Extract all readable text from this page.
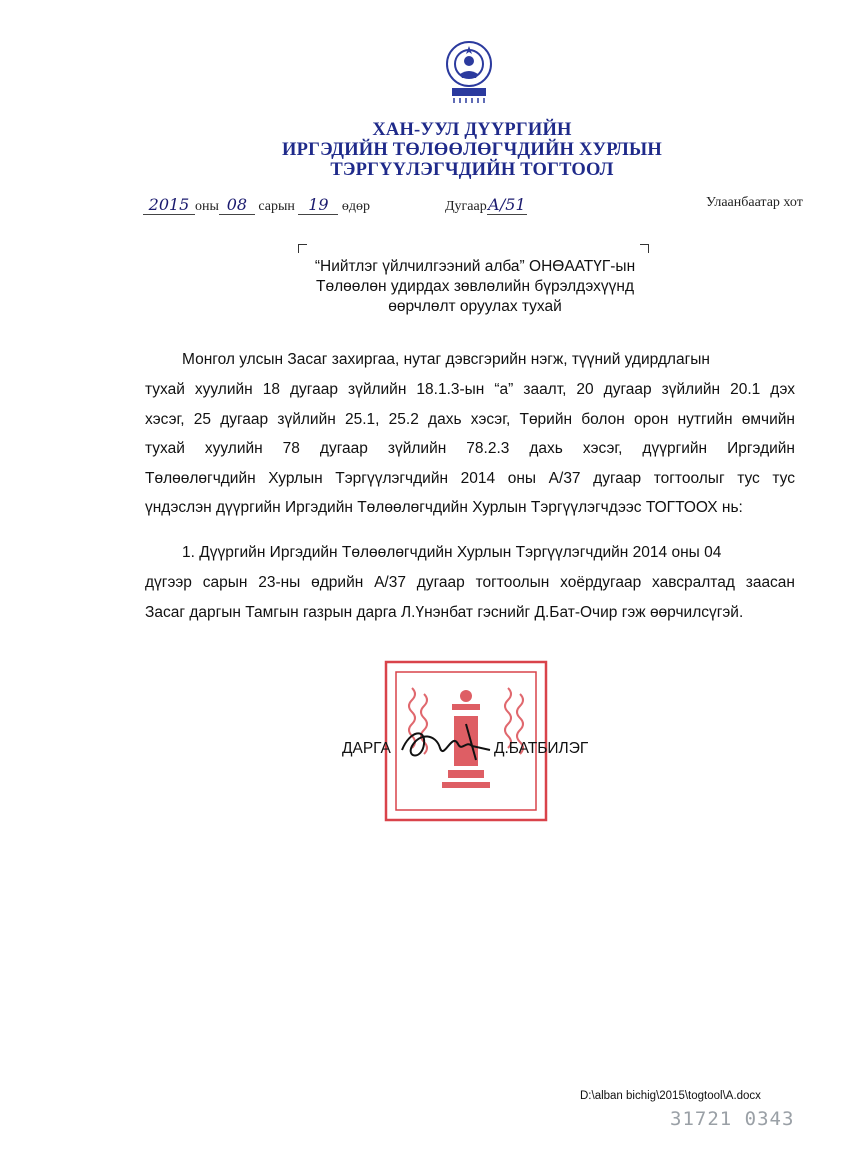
ХАН-УУЛ ДҮҮРГИЙН
ИРГЭДИЙН ТӨЛӨӨЛӨГЧДИЙН ХУРЛЫН
ТЭРГҮҮЛЭГЧДИЙН ТОГТООЛ
2015 оны 08 сарын 19 өдөр	ДугаарА/51	Улаанбаатар хот
“Нийтлэг үйлчилгээний алба” ОНӨААТҮГ-ын
Төлөөлөн удирдах зөвлөлийн бүрэлдэхүүнд
өөрчлөлт оруулах тухай
Монгол улсын Засаг захиргаа, нутаг дэвсгэрийн нэгж, түүний удирдлагын
тухай хуулийн 18 дугаар зүйлийн 18.1.3-ын “а” заалт, 20 дугаар зүйлийн 20.1 дэх
хэсэг, 25 дугаар зүйлийн 25.1, 25.2 дахь хэсэг, Төрийн болон орон нутгийн өмчийн
тухай хуулийн 78 дугаар зүйлийн 78.2.3 дахь хэсэг, дүүргийн Иргэдийн
Төлөөлөгчдийн Хурлын Тэргүүлэгчдийн 2014 оны А/37 дугаар тогтоолыг тус тус
үндэслэн дүүргийн Иргэдийн Төлөөлөгчдийн Хурлын Тэргүүлэгчдээс ТОГТООХ нь:
1. Дүүргийн Иргэдийн Төлөөлөгчдийн Хурлын Тэргүүлэгчдийн 2014 оны 04
дүгээр сарын 23-ны өдрийн А/37 дугаар тогтоолын хоёрдугаар хавсралтад заасан
Засаг даргын Тамгын газрын дарга Л.Үнэнбат гэснийг Д.Бат-Очир гэж өөрчилсүгэй.
ДАРГА	Д.БАТБИЛЭГ
D:\alban bichig\2015\togtool\A.docx
31721 0343
